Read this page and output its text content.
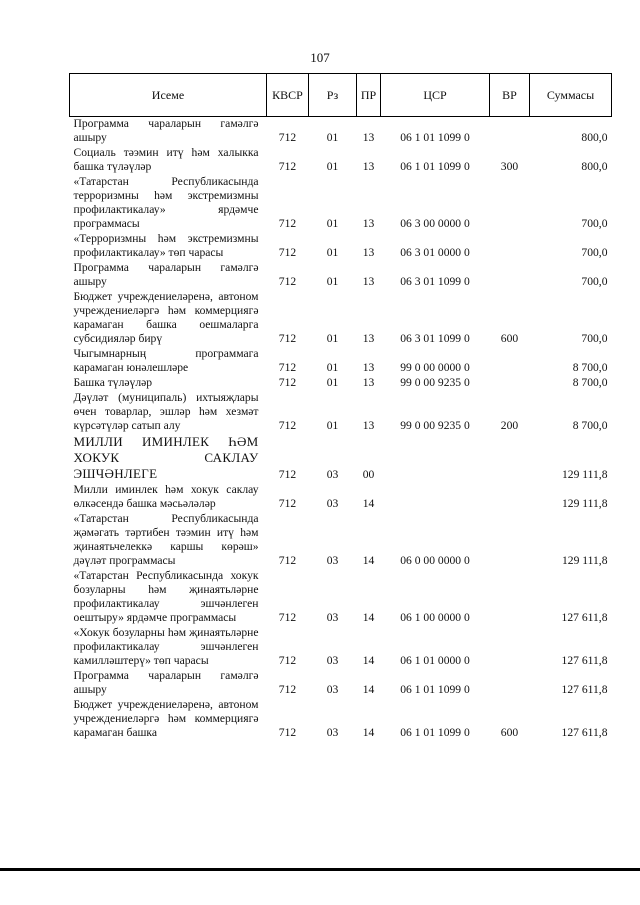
107
Исеме	КВСР	Рз	ПР	ЦСР	ВР	Суммасы
Программа чараларын гамәлгә ашыру	712	01	13	06 1 01 1099 0		800,0
Социаль тәэмин итү һәм халыкка башка түләүләр	712	01	13	06 1 01 1099 0	300	800,0
«Татарстан Республикасында терроризмны һәм экстремизмны профилактикалау» ярдәмче программасы	712	01	13	06 3 00 0000 0		700,0
«Терроризмны һәм экстремизмны профилактикалау» төп чарасы	712	01	13	06 3 01 0000 0		700,0
Программа чараларын гамәлгә ашыру	712	01	13	06 3 01 1099 0		700,0
Бюджет учреждениеләренә, автоном учреждениеләргә һәм коммерциягә карамаган башка оешмаларга субсидияләр бирү	712	01	13	06 3 01 1099 0	600	700,0
Чыгымнарның программага карамаган юнәлешләре	712	01	13	99 0 00 0000 0		8 700,0
Башка түләүләр	712	01	13	99 0 00 9235 0		8 700,0
Дәүләт (муниципаль) ихтыяҗлары өчен товарлар, эшләр һәм хезмәт күрсәтүләр сатып алу	712	01	13	99 0 00 9235 0	200	8 700,0
МИЛЛИ ИМИНЛЕК ҺӘМ ХОКУК САКЛАУ ЭШЧӘНЛЕГЕ	712	03	00			129 111,8
Милли иминлек һәм хокук саклау өлкәсендә башка мәсьәләләр	712	03	14			129 111,8
«Татарстан Республикасында җәмәгать тәртибен тәэмин итү һәм җинаятьчелеккә каршы көрәш» дәүләт программасы	712	03	14	06 0 00 0000 0		129 111,8
«Татарстан Республикасында хокук бозуларны һәм җинаятьләрне профилактикалау эшчәнлеген оештыру» ярдәмче программасы	712	03	14	06 1 00 0000 0		127 611,8
«Хокук бозуларны һәм җинаятьләрне профилактикалау эшчәнлеген камилләштерү» төп чарасы	712	03	14	06 1 01 0000 0		127 611,8
Программа чараларын гамәлгә ашыру	712	03	14	06 1 01 1099 0		127 611,8
Бюджет учреждениеләренә, автоном учреждениеләргә һәм коммерциягә карамаган башка	712	03	14	06 1 01 1099 0	600	127 611,8
